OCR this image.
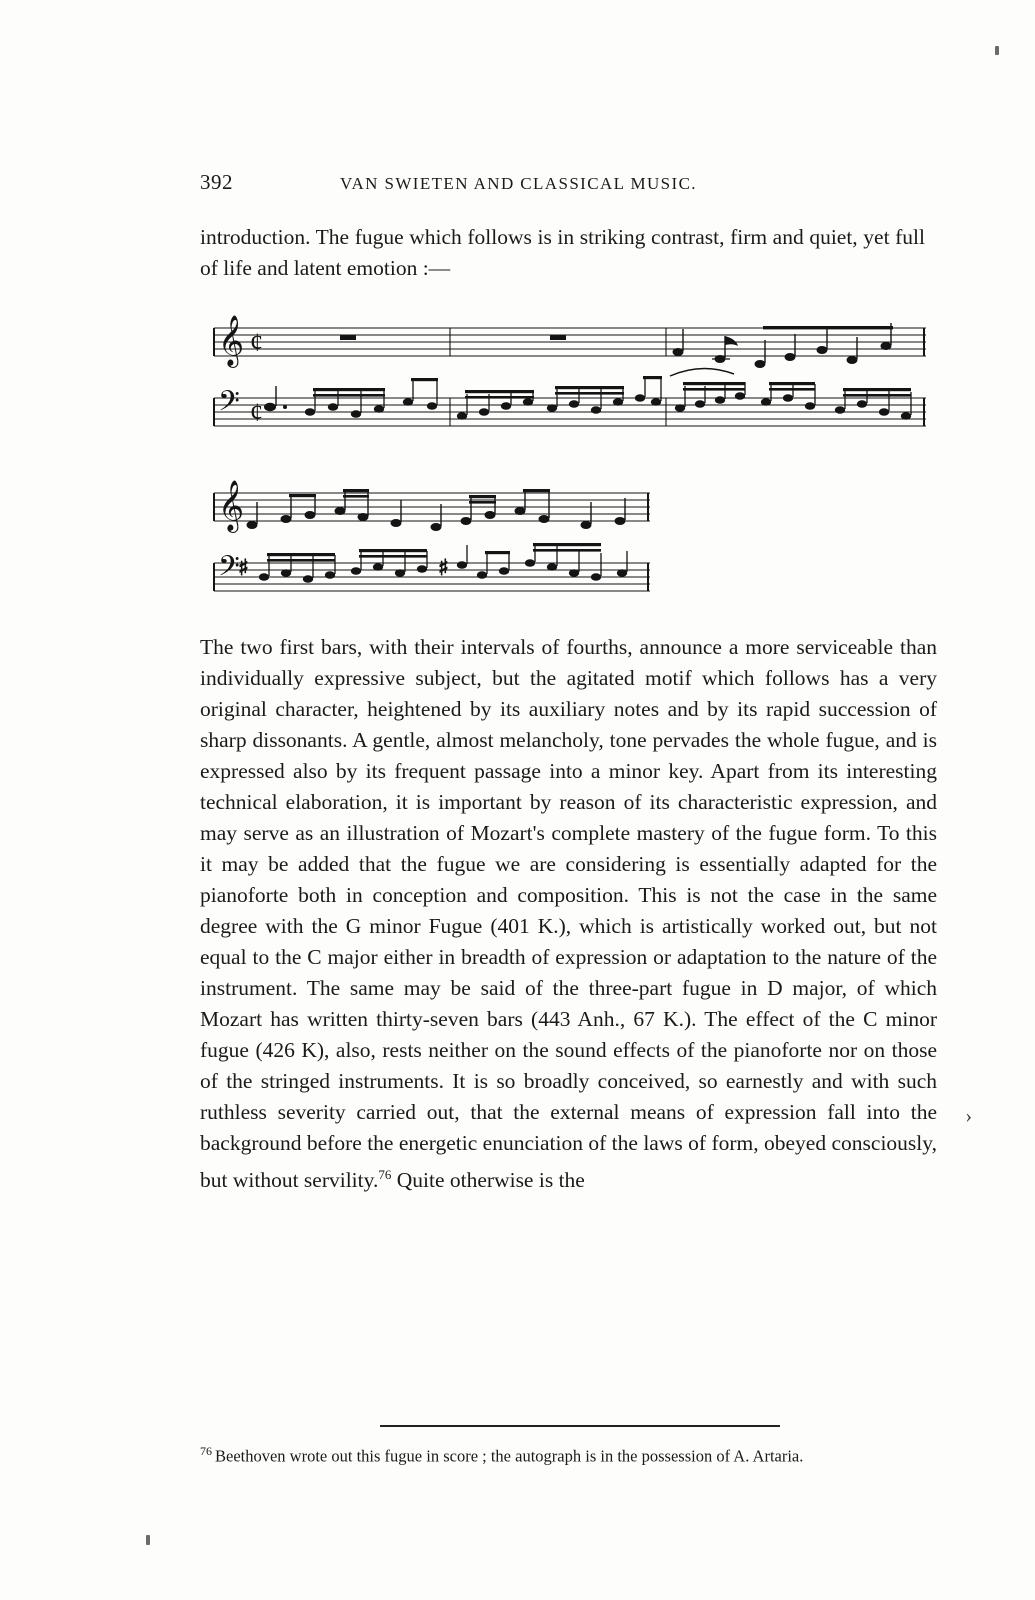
392	VAN SWIETEN AND CLASSICAL MUSIC.

introduction. The fugue which follows is in striking contrast, firm and quiet, yet full of life and latent emotion :—

𝄞
𝄢
¢
¢
𝄞
𝄢
♯	♯

The two first bars, with their intervals of fourths, announce a more serviceable than individually expressive subject, but the agitated motif which follows has a very original character, heightened by its auxiliary notes and by its rapid succession of sharp dissonants. A gentle, almost melancholy, tone pervades the whole fugue, and is expressed also by its frequent passage into a minor key. Apart from its interesting technical elaboration, it is important by reason of its characteristic expression, and may serve as an illustration of Mozart's complete mastery of the fugue form. To this it may be added that the fugue we are considering is essentially adapted for the pianoforte both in conception and composition. This is not the case in the same degree with the G minor Fugue (401 K.), which is artistically worked out, but not equal to the C major either in breadth of expression or adaptation to the nature of the instrument. The same may be said of the three-part fugue in D major, of which Mozart has written thirty-seven bars (443 Anh., 67 K.). The effect of the C minor fugue (426 K), also, rests neither on the sound effects of the pianoforte nor on those of the stringed instruments. It is so broadly conceived, so earnestly and with such ruthless severity carried out, that the external means of expression fall into the background before the energetic enunciation of the laws of form, obeyed consciously, but without servility.$^{76}$ Quite otherwise is the

›
$^{76}$ Beethoven wrote out this fugue in score ; the autograph is in the possession of A. Artaria.
